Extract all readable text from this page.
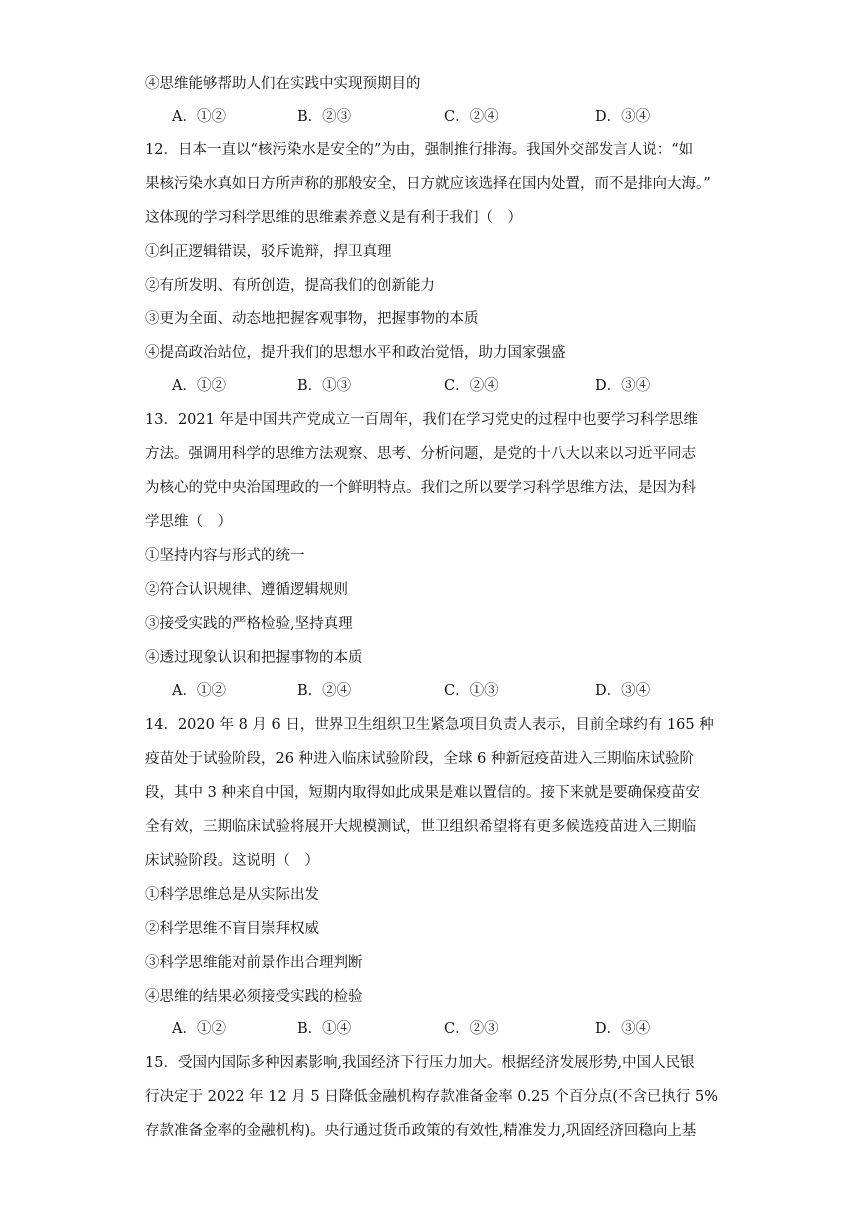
④思维能够帮助人们在实践中实现预期目的
A．①②	B．②③	C．②④	D．③④
12．日本一直以“核污染水是安全的”为由，强制推行排海。我国外交部发言人说：“如
果核污染水真如日方所声称的那般安全，日方就应该选择在国内处置，而不是排向大海。”
这体现的学习科学思维的思维素养意义是有利于我们（　）
①纠正逻辑错误，驳斥诡辩，捍卫真理
②有所发明、有所创造，提高我们的创新能力
③更为全面、动态地把握客观事物，把握事物的本质
④提高政治站位，提升我们的思想水平和政治觉悟，助力国家强盛
A．①②	B．①③	C．②④	D．③④
13．2021 年是中国共产党成立一百周年，我们在学习党史的过程中也要学习科学思维
方法。强调用科学的思维方法观察、思考、分析问题，是党的十八大以来以习近平同志
为核心的党中央治国理政的一个鲜明特点。我们之所以要学习科学思维方法，是因为科
学思维（　）
①坚持内容与形式的统一
②符合认识规律、遵循逻辑规则
③接受实践的严格检验,坚持真理
④透过现象认识和把握事物的本质
A．①②	B．②④	C．①③	D．③④
14．2020 年 8 月 6 日，世界卫生组织卫生紧急项目负责人表示，目前全球约有 165 种
疫苗处于试验阶段，26 种进入临床试验阶段，全球 6 种新冠疫苗进入三期临床试验阶
段，其中 3 种来自中国，短期内取得如此成果是难以置信的。接下来就是要确保疫苗安
全有效，三期临床试验将展开大规模测试，世卫组织希望将有更多候选疫苗进入三期临
床试验阶段。这说明（　）
①科学思维总是从实际出发
②科学思维不盲目崇拜权威
③科学思维能对前景作出合理判断
④思维的结果必须接受实践的检验
A．①②	B．①④	C．②③	D．③④
15．受国内国际多种因素影响,我国经济下行压力加大。根据经济发展形势,中国人民银
行决定于 2022 年 12 月 5 日降低金融机构存款准备金率 0.25 个百分点(不含已执行 5%
存款准备金率的金融机构)。央行通过货币政策的有效性,精准发力,巩固经济回稳向上基
